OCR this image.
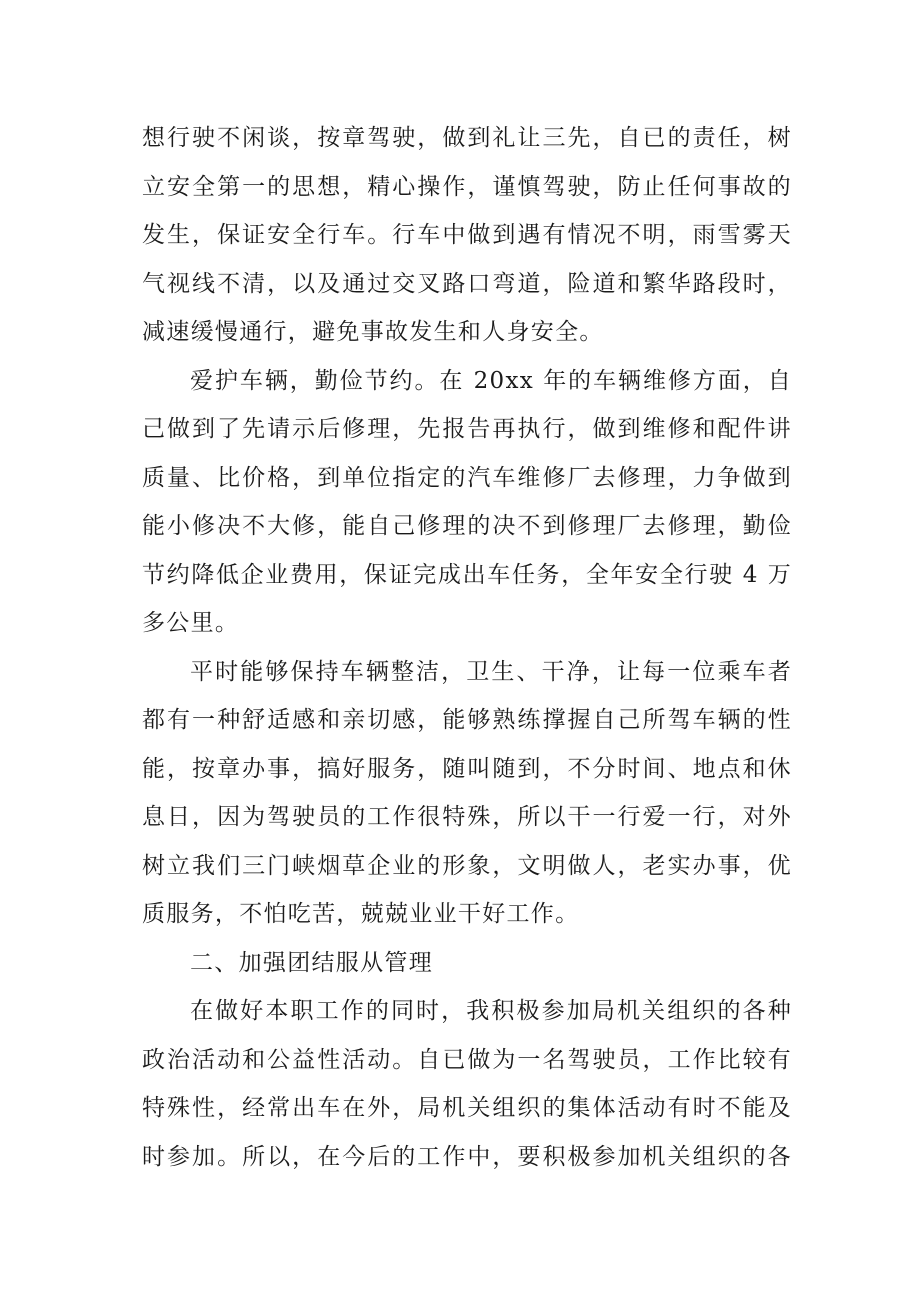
想行驶不闲谈，按章驾驶，做到礼让三先，自已的责任，树
立安全第一的思想，精心操作，谨慎驾驶，防止任何事故的
发生，保证安全行车。行车中做到遇有情况不明，雨雪雾天
气视线不清，以及通过交叉路口弯道，险道和繁华路段时，
减速缓慢通行，避免事故发生和人身安全。
爱护车辆，勤俭节约。在 20xx 年的车辆维修方面，自
己做到了先请示后修理，先报告再执行，做到维修和配件讲
质量、比价格，到单位指定的汽车维修厂去修理，力争做到
能小修决不大修，能自己修理的决不到修理厂去修理，勤俭
节约降低企业费用，保证完成出车任务，全年安全行驶 4 万
多公里。
平时能够保持车辆整洁，卫生、干净，让每一位乘车者
都有一种舒适感和亲切感，能够熟练撑握自己所驾车辆的性
能，按章办事，搞好服务，随叫随到，不分时间、地点和休
息日，因为驾驶员的工作很特殊，所以干一行爱一行，对外
树立我们三门峡烟草企业的形象，文明做人，老实办事，优
质服务，不怕吃苦，兢兢业业干好工作。
二、加强团结服从管理
在做好本职工作的同时，我积极参加局机关组织的各种
政治活动和公益性活动。自已做为一名驾驶员，工作比较有
特殊性，经常出车在外，局机关组织的集体活动有时不能及
时参加。所以，在今后的工作中，要积极参加机关组织的各
